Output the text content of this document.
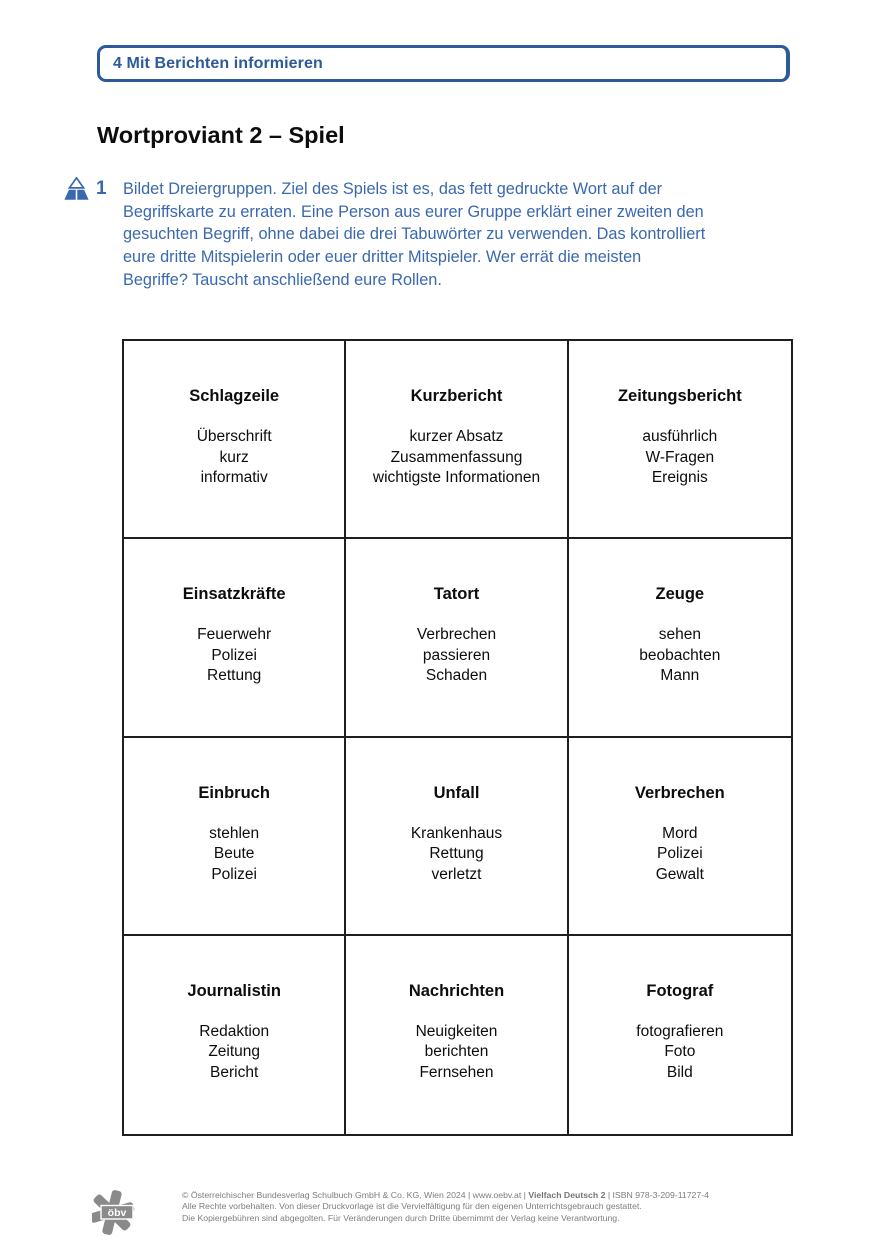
4 Mit Berichten informieren
Wortproviant 2 – Spiel
1 Bildet Dreiergruppen. Ziel des Spiels ist es, das fett gedruckte Wort auf der
Begriffskarte zu erraten. Eine Person aus eurer Gruppe erklärt einer zweiten den
gesuchten Begriff, ohne dabei die drei Tabuwörter zu verwenden. Das kontrolliert
eure dritte Mitspielerin oder euer dritter Mitspieler. Wer errät die meisten
Begriffe? Tauscht anschließend eure Rollen.
Schlagzeile
Überschrift
kurz
informativ
Kurzbericht
kurzer Absatz
Zusammenfassung
wichtigste Informationen
Zeitungsbericht
ausführlich
W-Fragen
Ereignis
Einsatzkräfte
Feuerwehr
Polizei
Rettung
Tatort
Verbrechen
passieren
Schaden
Zeuge
sehen
beobachten
Mann
Einbruch
stehlen
Beute
Polizei
Unfall
Krankenhaus
Rettung
verletzt
Verbrechen
Mord
Polizei
Gewalt
Journalistin
Redaktion
Zeitung
Bericht
Nachrichten
Neuigkeiten
berichten
Fernsehen
Fotograf
fotografieren
Foto
Bild
öbv
© Österreichischer Bundesverlag Schulbuch GmbH & Co. KG, Wien 2024 | www.oebv.at | Vielfach Deutsch 2 | ISBN 978-3-209-11727-4
Alle Rechte vorbehalten. Von dieser Druckvorlage ist die Vervielfältigung für den eigenen Unterrichtsgebrauch gestattet.
Die Kopiergebühren sind abgegolten. Für Veränderungen durch Dritte übernimmt der Verlag keine Verantwortung.
